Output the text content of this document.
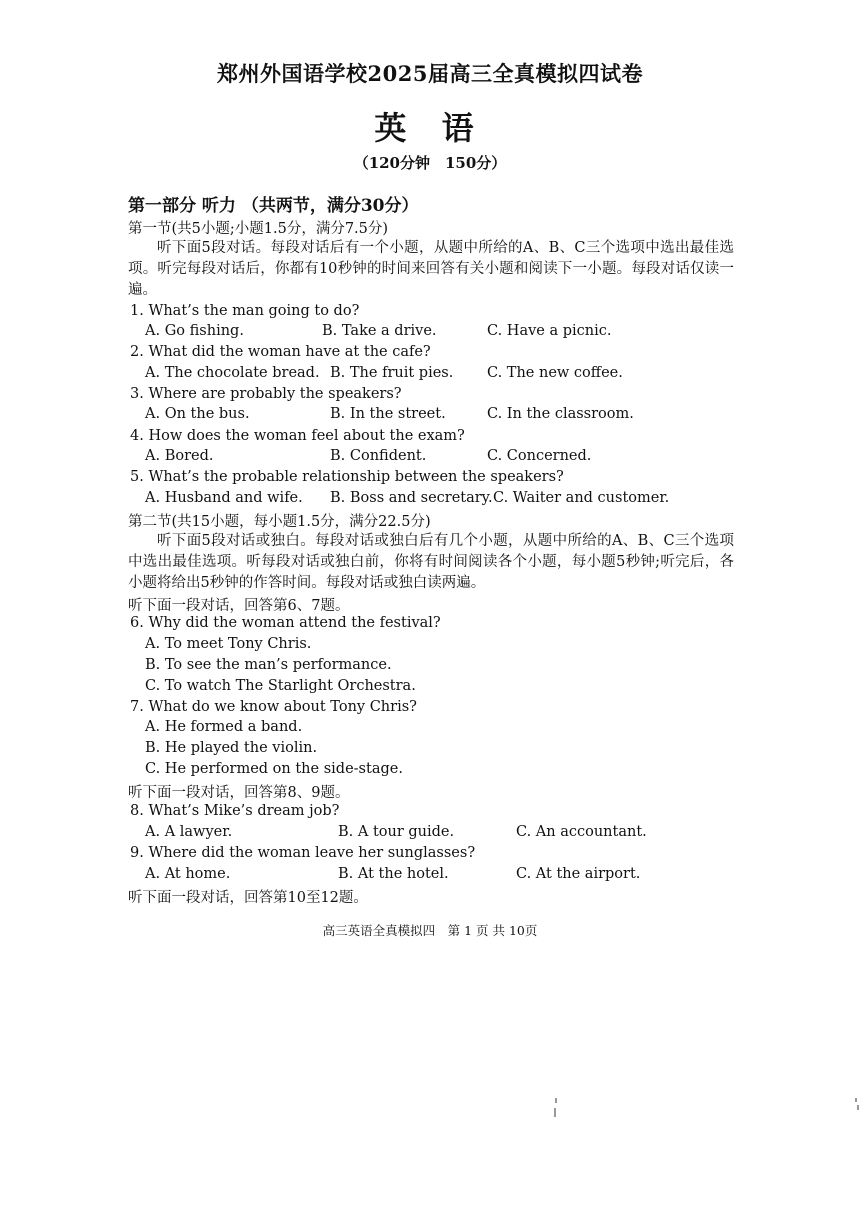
郑州外国语学校2025届高三全真模拟四试卷
英 语
（120分钟　150分）
第一部分 听力 （共两节，满分30分）
第一节(共5小题;小题1.5分，满分7.5分)
听下面5段对话。每段对话后有一个小题，从题中所给的A、B、C三个选项中选出最佳选项。听完每段对话后，你都有10秒钟的时间来回答有关小题和阅读下一小题。每段对话仅读一遍。
1. What’s the man going to do?
A. Go fishing.	B. Take a drive.	C. Have a picnic.
2. What did the woman have at the cafe?
A. The chocolate bread. B. The fruit pies. C. The new coffee.
3. Where are probably the speakers?
A. On the bus.	B. In the street.	C. In the classroom.
4. How does the woman feel about the exam?
A. Bored.	B. Confident.	C. Concerned.
5. What’s the probable relationship between the speakers?
A. Husband and wife. B. Boss and secretary. C. Waiter and customer.
第二节(共15小题，每小题1.5分，满分22.5分)
听下面5段对话或独白。每段对话或独白后有几个小题，从题中所给的A、B、C三个选项中选出最佳选项。听每段对话或独白前，你将有时间阅读各个小题，每小题5秒钟;听完后，各小题将给出5秒钟的作答时间。每段对话或独白读两遍。
听下面一段对话，回答第6、7题。
6. Why did the woman attend the festival?
A. To meet Tony Chris.
B. To see the man’s performance.
C. To watch The Starlight Orchestra.
7. What do we know about Tony Chris?
A. He formed a band.
B. He played the violin.
C. He performed on the side-stage.
听下面一段对话，回答第8、9题。
8. What’s Mike’s dream job?
A. A lawyer.	B. A tour guide.	C. An accountant.
9. Where did the woman leave her sunglasses?
A. At home.	B. At the hotel.	C. At the airport.
听下面一段对话，回答第10至12题。
高三英语全真模拟四　第 1 页 共 10页
